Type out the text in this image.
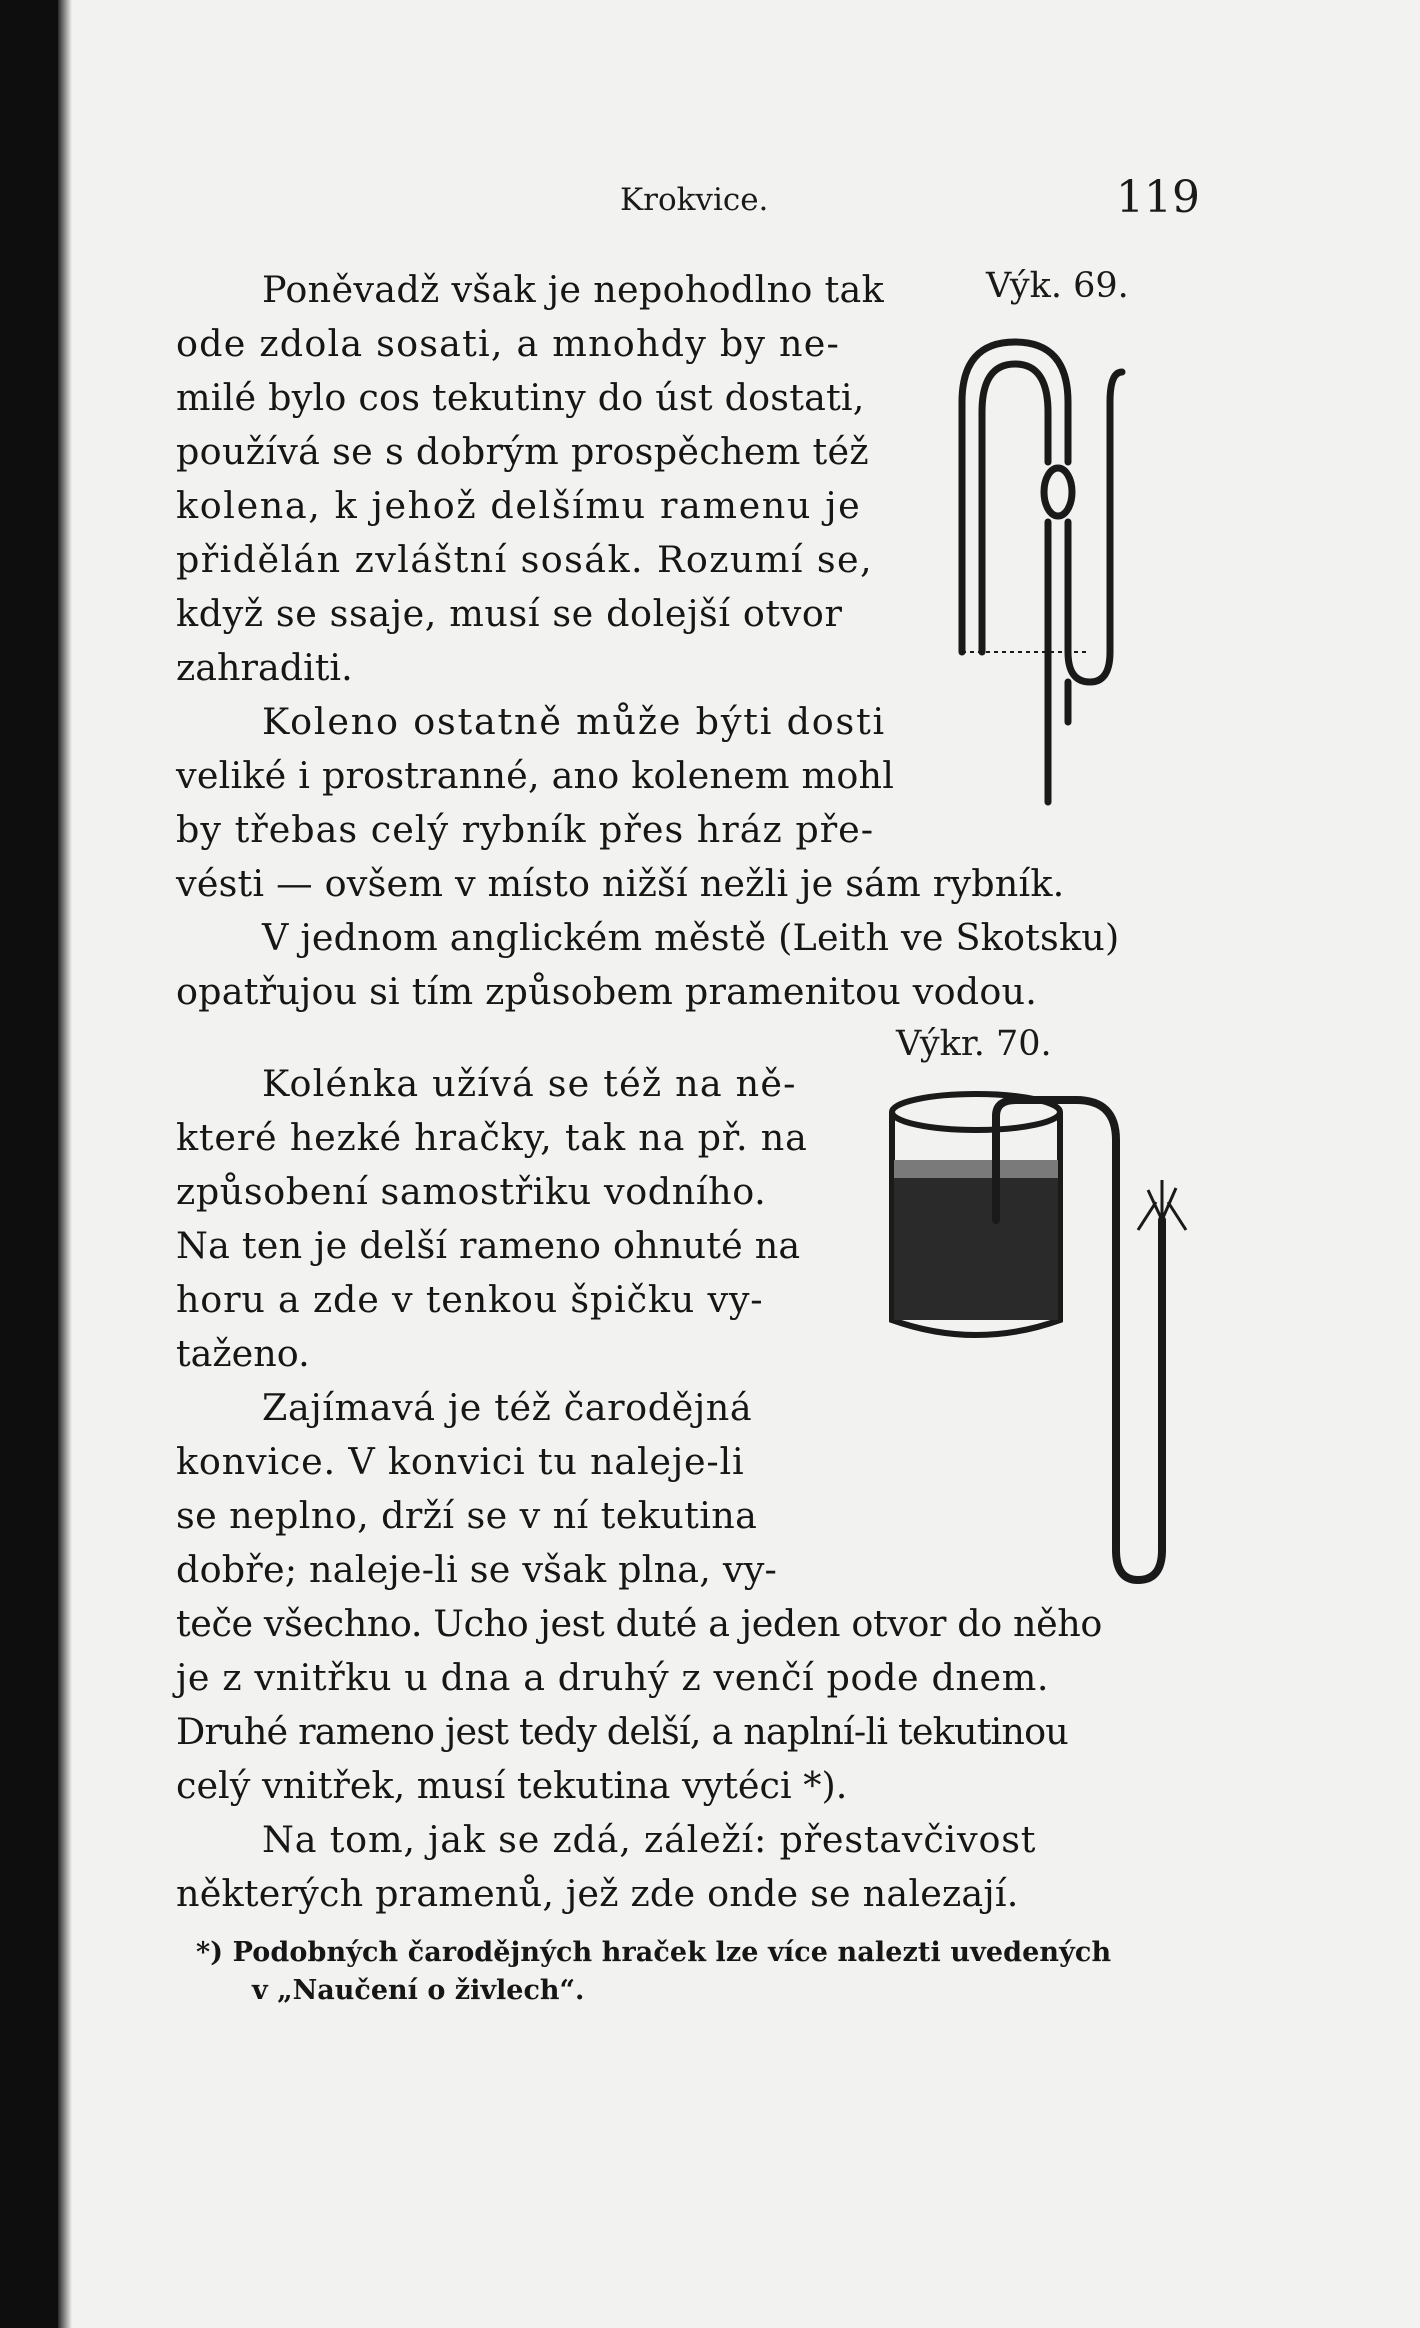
Krokvice.	119
Poněvadž však je nepohodlno tak
ode zdola sosati, a mnohdy by ne-
milé bylo cos tekutiny do úst dostati,
používá se s dobrým prospěchem též
kolena, k jehož delšímu ramenu je
přidělán zvláštní sosák. Rozumí se,
když se ssaje, musí se dolejší otvor
zahraditi.
Koleno ostatně může býti dosti
veliké i prostranné, ano kolenem mohl
by třebas celý rybník přes hráz pře-
vésti — ovšem v místo nižší nežli je sám rybník.
V jednom anglickém městě (Leith ve Skotsku)
opatřujou si tím způsobem pramenitou vodou.
Kolénka užívá se též na ně-
které hezké hračky, tak na př. na
způsobení samostřiku vodního.
Na ten je delší rameno ohnuté na
horu a zde v tenkou špičku vy-
taženo.
Zajímavá je též čarodějná
konvice. V konvici tu naleje-li
se neplno, drží se v ní tekutina
dobře; naleje-li se však plna, vy-
teče všechno. Ucho jest duté a jeden otvor do něho
je z vnitřku u dna a druhý z venčí pode dnem.
Druhé rameno jest tedy delší, a naplní-li tekutinou
celý vnitřek, musí tekutina vytéci *).
Na tom, jak se zdá, záleží: přestavčivost
některých pramenů, jež zde onde se nalezají.
*) Podobných čarodějných hraček lze více nalezti uvedených
v „Naučení o živlech“.
Výk. 69.
Výkr. 70.
